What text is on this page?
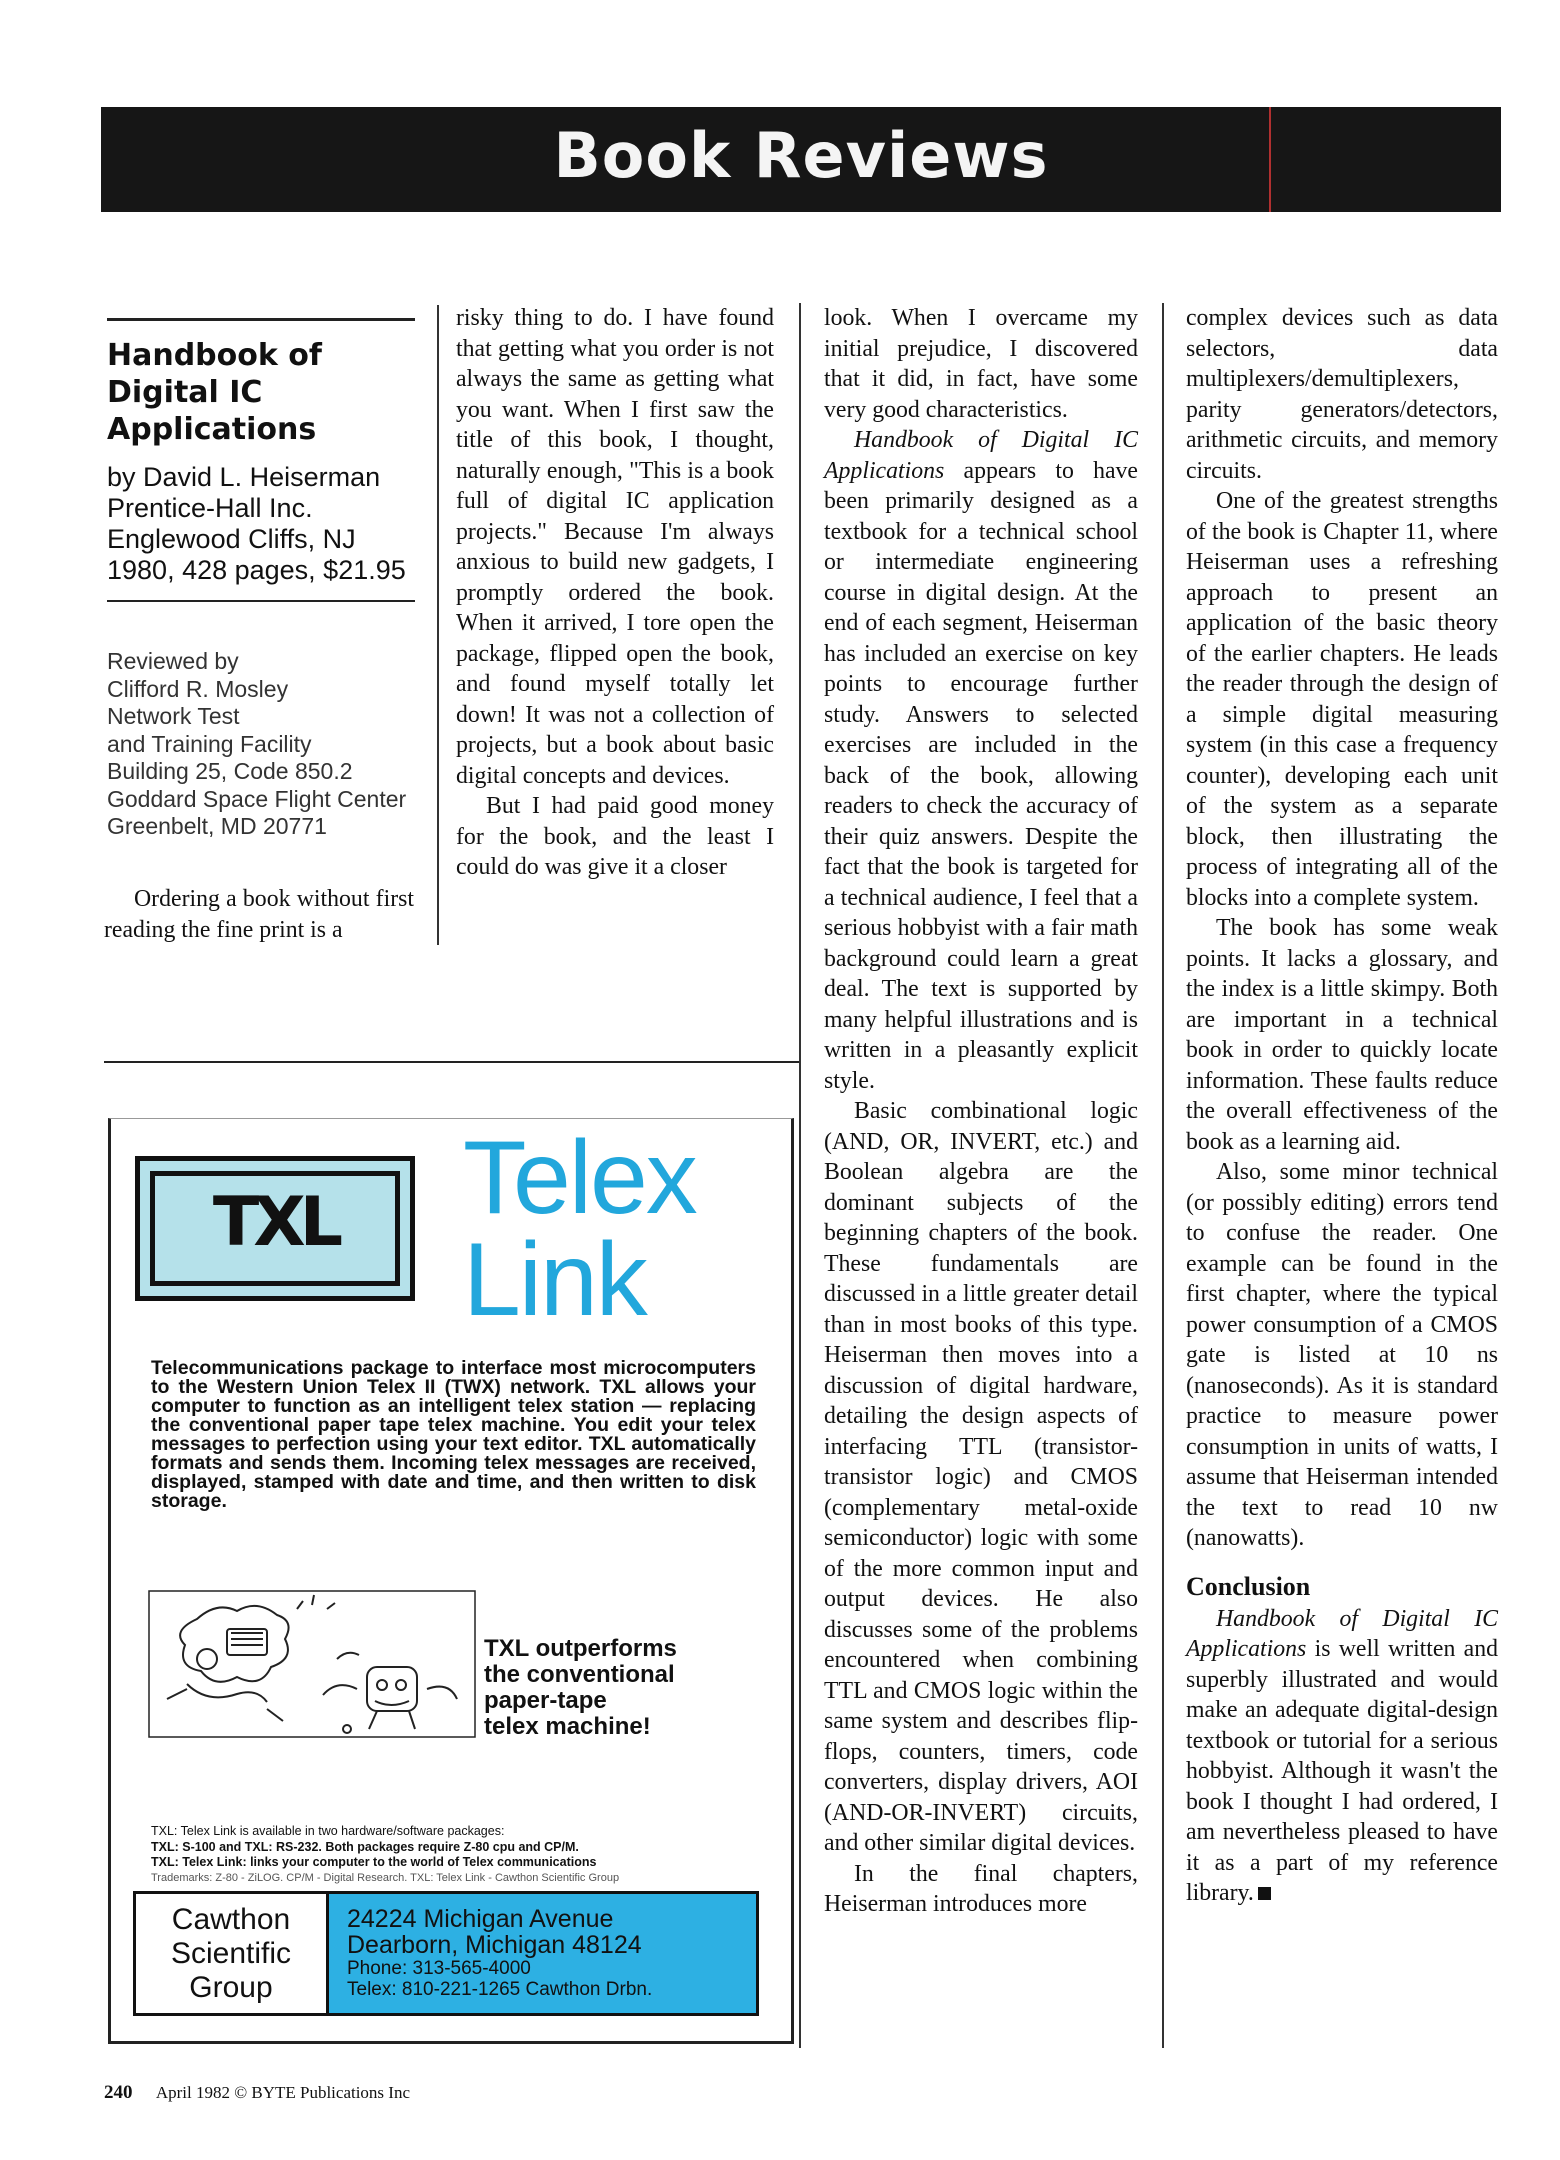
Book Reviews
Handbook of
Digital IC
Applications
by David L. Heiserman
Prentice-Hall Inc.
Englewood Cliffs, NJ
1980, 428 pages, $21.95
Reviewed by
Clifford R. Mosley
Network Test
and Training Facility
Building 25, Code 850.2
Goddard Space Flight Center
Greenbelt, MD 20771

Ordering a book without first reading the fine print is a

risky thing to do. I have found that getting what you order is not always the same as getting what you want. When I first saw the title of this book, I thought, naturally enough, "This is a book full of digital IC application projects." Because I'm always anxious to build new gadgets, I promptly ordered the book. When it arrived, I tore open the package, flipped open the book, and found myself totally let down! It was not a collection of projects, but a book about basic digital concepts and devices.

But I had paid good money for the book, and the least I could do was give it a closer

look. When I overcame my initial prejudice, I discovered that it did, in fact, have some very good characteristics.

Handbook of Digital IC Applications appears to have been primarily designed as a textbook for a technical school or intermediate engineering course in digital design. At the end of each segment, Heiserman has included an exercise on key points to encourage further study. Answers to selected exercises are included in the back of the book, allowing readers to check the accuracy of their quiz answers. Despite the fact that the book is targeted for a technical audience, I feel that a serious hobbyist with a fair math background could learn a great deal. The text is supported by many helpful illustrations and is written in a pleasantly explicit style.

Basic combinational logic (AND, OR, INVERT, etc.) and Boolean algebra are the dominant subjects of the beginning chapters of the book. These fundamentals are discussed in a little greater detail than in most books of this type. Heiserman then moves into a discussion of digital hardware, detailing the design aspects of interfacing TTL (transistor-transistor logic) and CMOS (complementary metal-oxide semiconductor) logic with some of the more common input and output devices. He also discusses some of the problems encountered when combining TTL and CMOS logic within the same system and describes flip-flops, counters, timers, code converters, display drivers, AOI (AND-OR-INVERT) circuits, and other similar digital devices.

In the final chapters, Heiserman introduces more

complex devices such as data selectors, data multiplexers/demultiplexers, parity generators/detectors, arithmetic circuits, and memory circuits.

One of the greatest strengths of the book is Chapter 11, where Heiserman uses a refreshing approach to present an application of the basic theory of the earlier chapters. He leads the reader through the design of a simple digital measuring system (in this case a frequency counter), developing each unit of the system as a separate block, then illustrating the process of integrating all of the blocks into a complete system.

The book has some weak points. It lacks a glossary, and the index is a little skimpy. Both are important in a technical book in order to quickly locate information. These faults reduce the overall effectiveness of the book as a learning aid.

Also, some minor technical (or possibly editing) errors tend to confuse the reader. One example can be found in the first chapter, where the typical power consumption of a CMOS gate is listed at 10 ns (nanoseconds). As it is standard practice to measure power consumption in units of watts, I assume that Heiserman intended the text to read 10 nw (nanowatts).

Conclusion

Handbook of Digital IC Applications is well written and superbly illustrated and would make an adequate digital-design textbook or tutorial for a serious hobbyist. Although it wasn't the book I thought I had ordered, I am nevertheless pleased to have it as a part of my reference library.

TXL	Telex
Link
Telecommunications package to interface most microcomputers to the Western Union Telex II (TWX) network. TXL allows your computer to function as an intelligent telex station — replacing the conventional paper tape telex machine. You edit your telex messages to perfection using your text editor. TXL automatically formats and sends them. Incoming telex messages are received, displayed, stamped with date and time, and then written to disk storage.
TXL outperforms
the conventional
paper-tape
telex machine!
TXL: Telex Link is available in two hardware/software packages:
TXL: S-100 and TXL: RS-232. Both packages require Z-80 cpu and CP/M.
TXL: Telex Link: links your computer to the world of Telex communications
Trademarks: Z-80 - ZiLOG. CP/M - Digital Research. TXL: Telex Link - Cawthon Scientific Group
Cawthon
Scientific
Group
24224 Michigan Avenue
Dearborn, Michigan 48124
Phone: 313-565-4000
Telex: 810-221-1265 Cawthon Drbn.
240 April 1982 © BYTE Publications Inc
